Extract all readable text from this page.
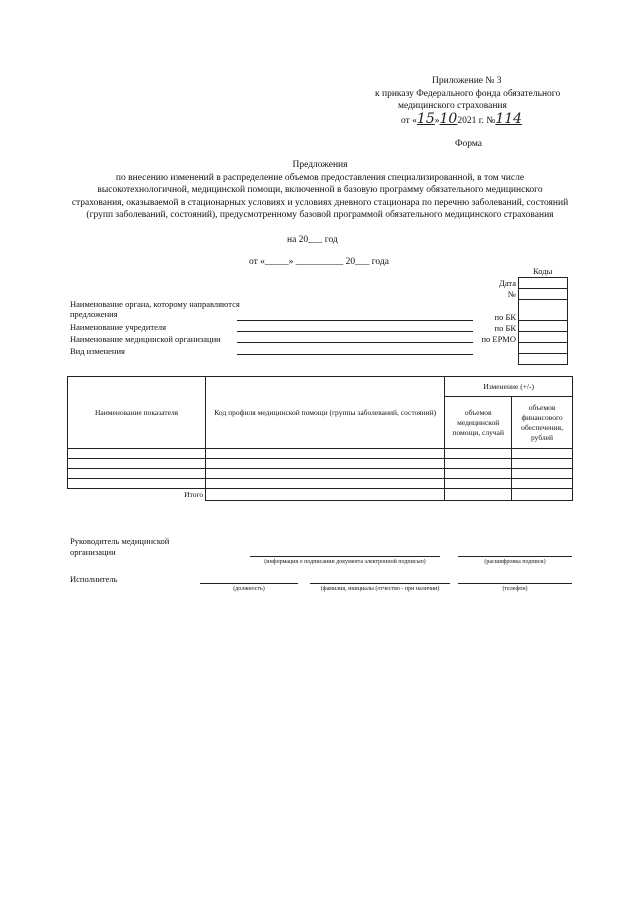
Приложение № 3
к приказу Федерального фонда обязательного
медицинского страхования
от «15»102021 г. №114
Форма
Предложения
по внесению изменений в распределение объемов предоставления специализированной, в том числе
высокотехнологичной, медицинской помощи, включенной в базовую программу обязательного медицинского
страхования, оказываемой в стационарных условиях и условиях дневного стационара по перечню заболеваний, состояний
(групп заболеваний, состояний), предусмотренному базовой программой обязательного медицинского страхования
на 20___ год
от «_____» __________ 20___ года
Коды
Дата
№
по БК
по БК
по ЕРМО

Наименование органа, которому направляются
предложения
Наименование учредителя
Наименование медицинской организации
Вид изменения
Наименование показателя	Код профиля медицинской помощи (группы заболеваний, состояний)	Изменение (+/-)	
		объемов медицинской помощи, случай	объемов финансового обеспечения, рублей

Итого			
Руководитель медицинской
организации
(информация о подписании документа электронной подписью)	(расшифровка подписи)
Исполнитель
(должность)	(фамилия, инициалы (отчество - при наличии)	(телефон)
